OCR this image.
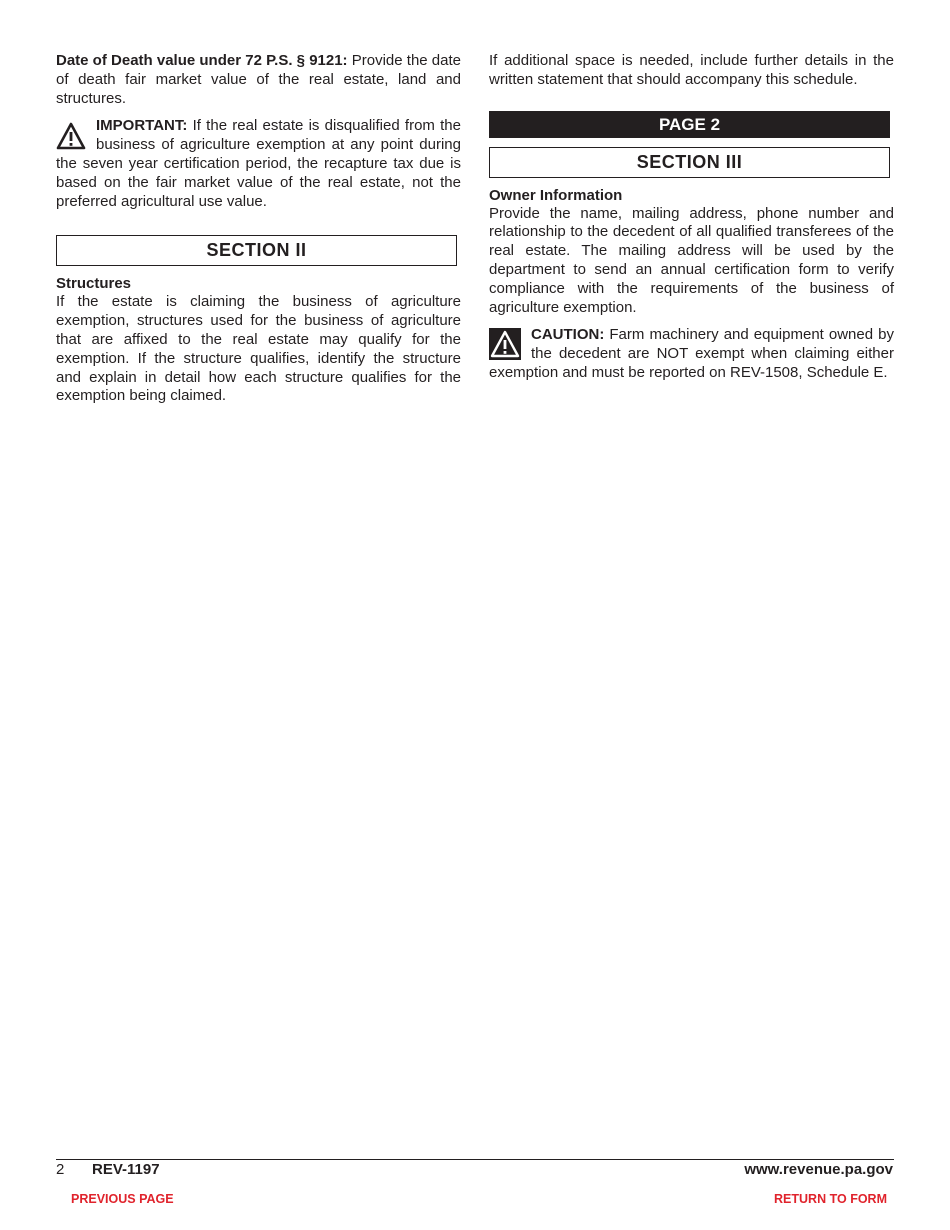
Date of Death value under 72 P.S. § 9121: Provide the date of death fair market value of the real estate, land and structures.

IMPORTANT: If the real estate is disqualified from the business of agriculture exemption at any point during the seven year certification period, the recapture tax due is based on the fair market value of the real estate, not the preferred agricultural use value.

SECTION II
Structures

If the estate is claiming the business of agriculture exemption, structures used for the business of agriculture that are affixed to the real estate may qualify for the exemption. If the structure qualifies, identify the structure and explain in detail how each structure qualifies for the exemption being claimed.

If additional space is needed, include further details in the written statement that should accompany this schedule.

PAGE 2
SECTION III
Owner Information

Provide the name, mailing address, phone number and relationship to the decedent of all qualified transferees of the real estate. The mailing address will be used by the department to send an annual certification form to verify compliance with the requirements of the business of agriculture exemption.

CAUTION: Farm machinery and equipment owned by the decedent are NOT exempt when claiming either exemption and must be reported on REV-1508, Schedule E.

2 REV-1197	www.revenue.pa.gov
PREVIOUS PAGE	RETURN TO FORM
